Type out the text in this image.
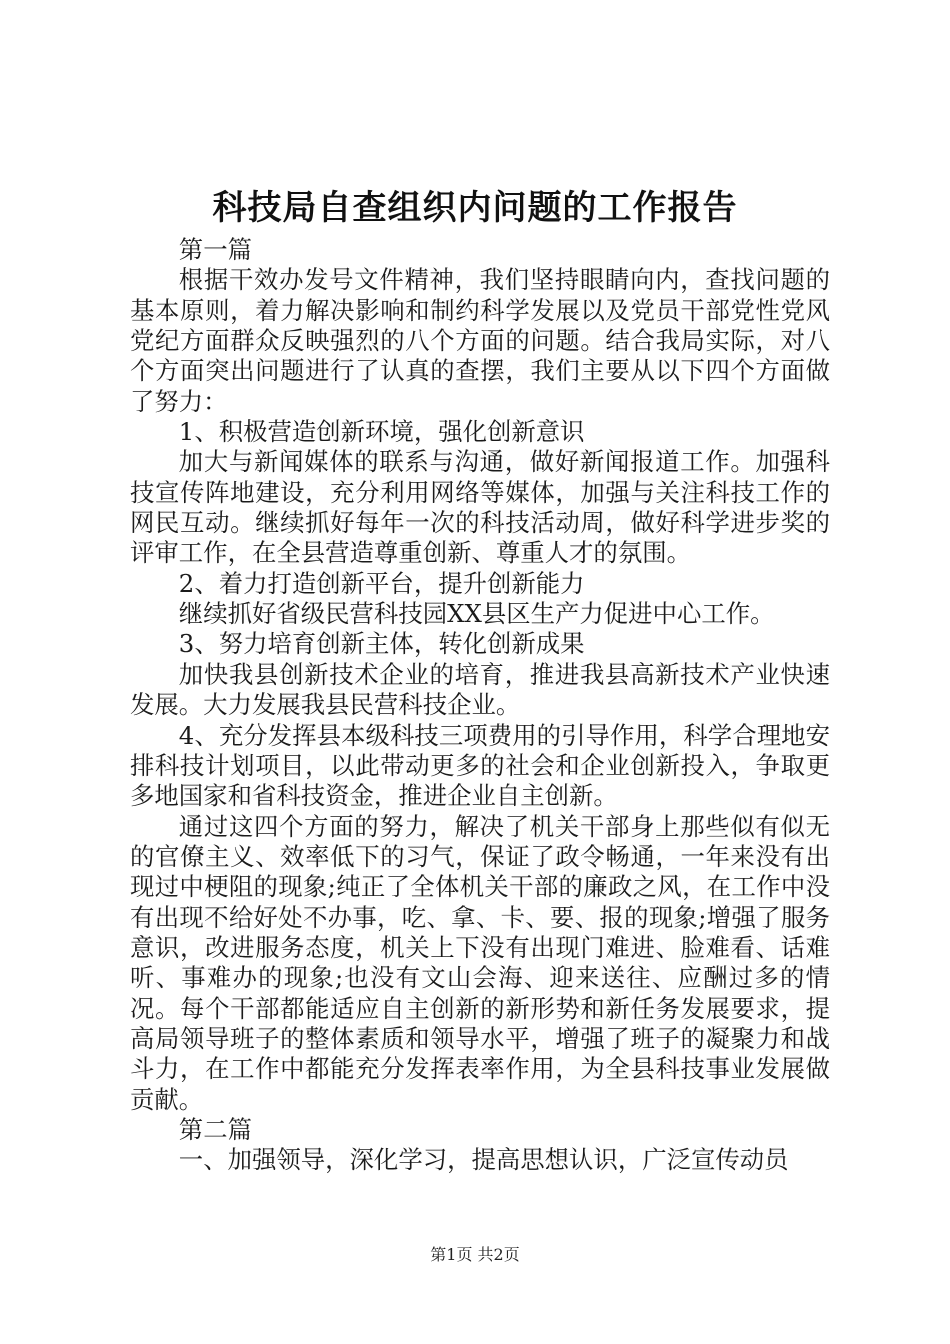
科技局自查组织内问题的工作报告

第一篇

根据干效办发号文件精神，我们坚持眼睛向内，查找问题的基本原则，着力解决影响和制约科学发展以及党员干部党性党风党纪方面群众反映强烈的八个方面的问题。结合我局实际，对八个方面突出问题进行了认真的查摆，我们主要从以下四个方面做了努力：

1、积极营造创新环境，强化创新意识

加大与新闻媒体的联系与沟通，做好新闻报道工作。加强科技宣传阵地建设，充分利用网络等媒体，加强与关注科技工作的网民互动。继续抓好每年一次的科技活动周，做好科学进步奖的评审工作，在全县营造尊重创新、尊重人才的氛围。

2、着力打造创新平台，提升创新能力

继续抓好省级民营科技园XX县区生产力促进中心工作。

3、努力培育创新主体，转化创新成果

加快我县创新技术企业的培育，推进我县高新技术产业快速发展。大力发展我县民营科技企业。

4、充分发挥县本级科技三项费用的引导作用，科学合理地安排科技计划项目，以此带动更多的社会和企业创新投入，争取更多地国家和省科技资金，推进企业自主创新。

通过这四个方面的努力，解决了机关干部身上那些似有似无的官僚主义、效率低下的习气，保证了政令畅通，一年来没有出现过中梗阻的现象;纯正了全体机关干部的廉政之风，在工作中没有出现不给好处不办事，吃、拿、卡、要、报的现象;增强了服务意识，改进服务态度，机关上下没有出现门难进、脸难看、话难听、事难办的现象;也没有文山会海、迎来送往、应酬过多的情况。每个干部都能适应自主创新的新形势和新任务发展要求，提高局领导班子的整体素质和领导水平，增强了班子的凝聚力和战斗力，在工作中都能充分发挥表率作用，为全县科技事业发展做贡献。

第二篇

一、加强领导，深化学习，提高思想认识，广泛宣传动员

第1页 共2页
